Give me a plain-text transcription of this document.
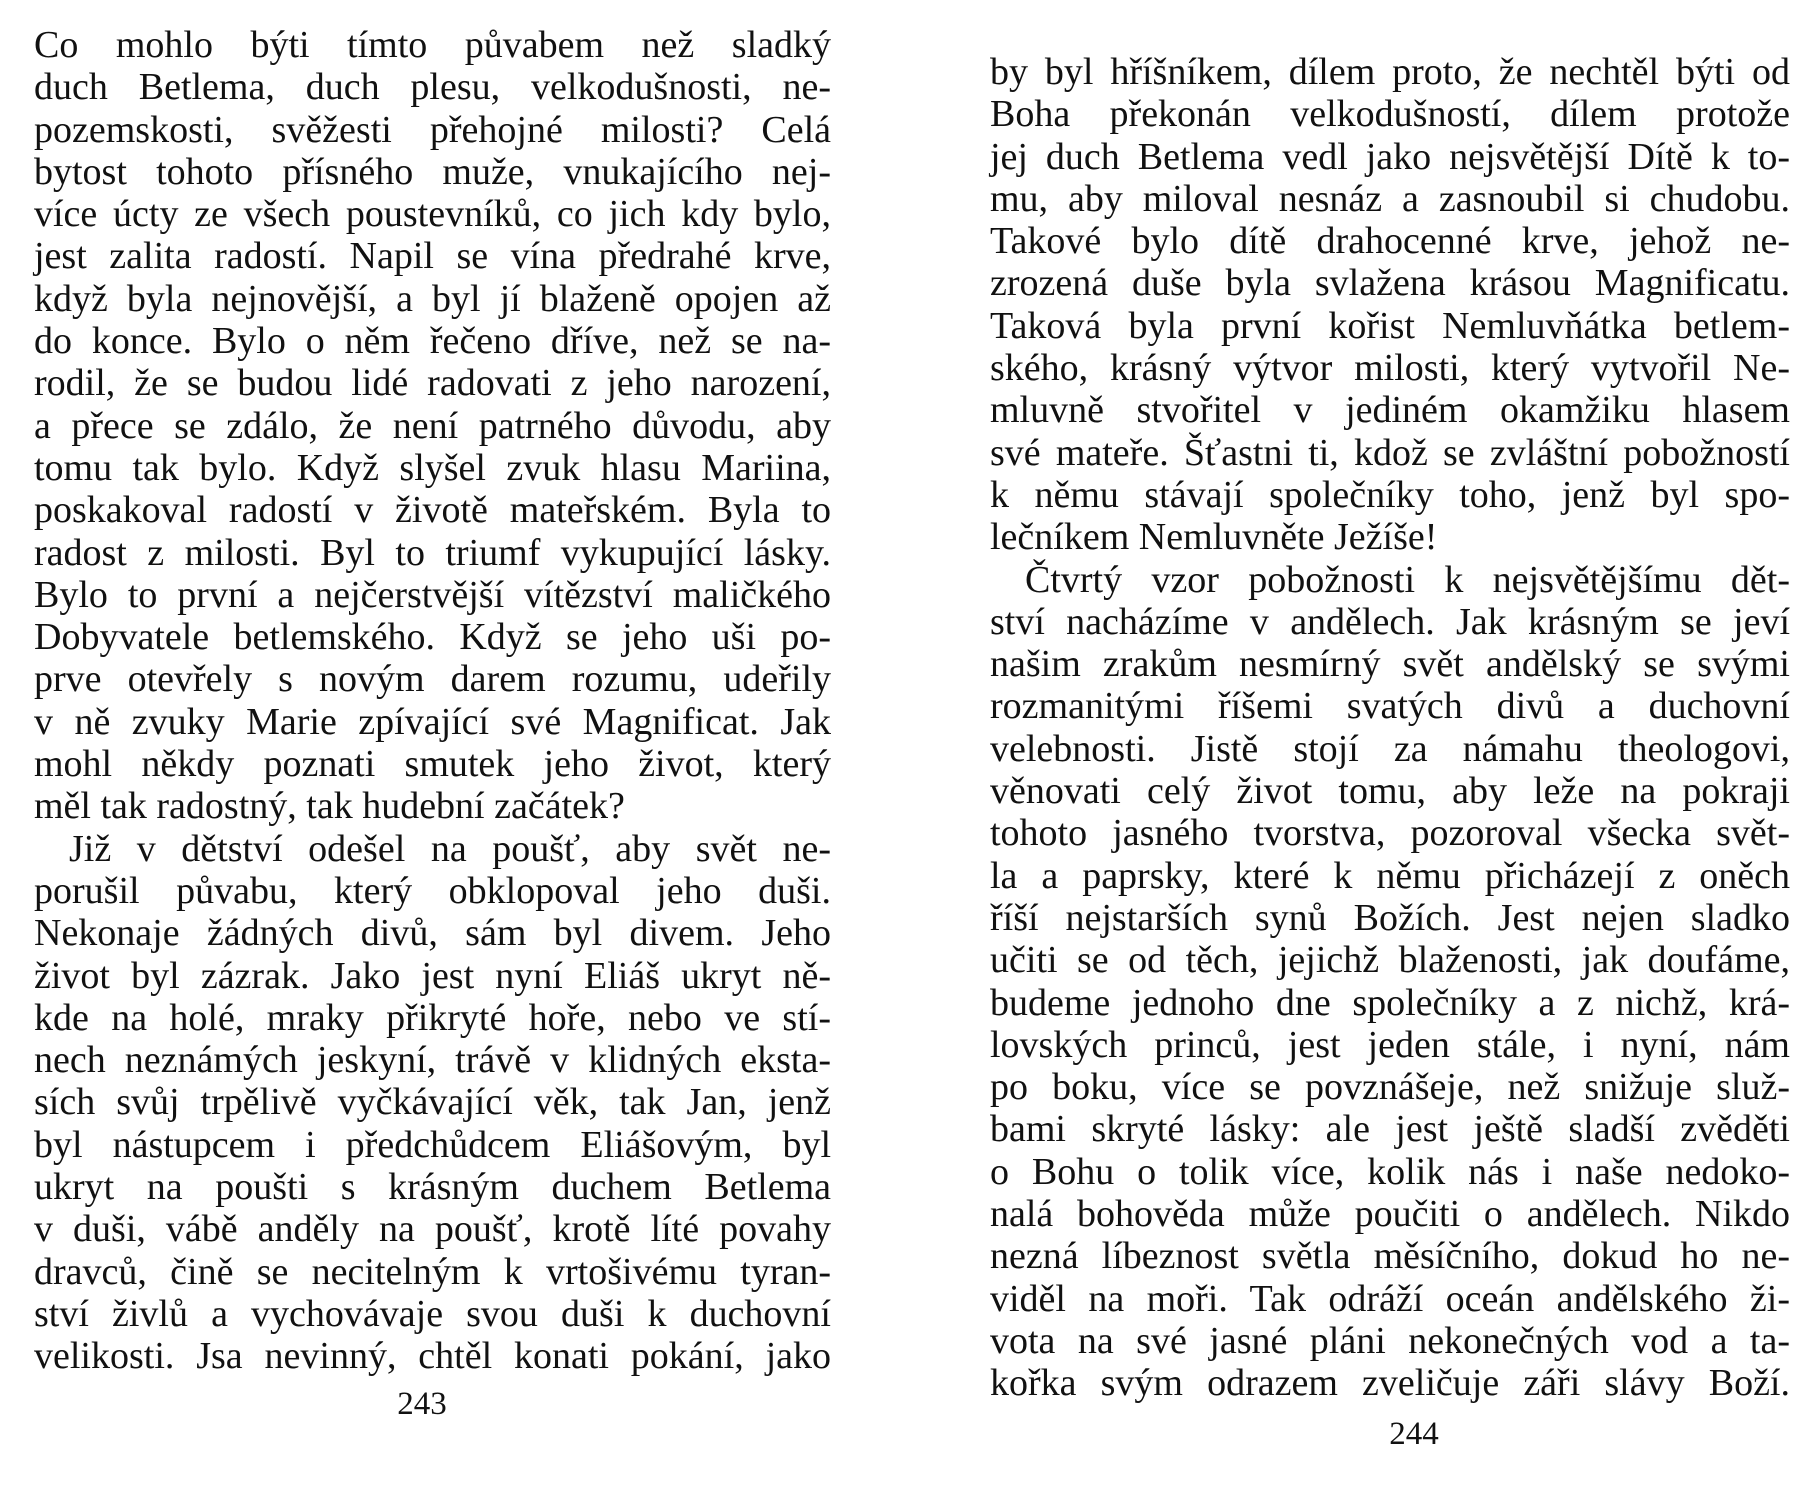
Co mohlo býti tímto půvabem než sladký
duch Betlema, duch plesu, velkodušnosti, ne-
pozemskosti, svěžesti přehojné milosti? Celá
bytost tohoto přísného muže, vnukajícího nej-
více úcty ze všech poustevníků, co jich kdy bylo,
jest zalita radostí. Napil se vína předrahé krve,
když byla nejnovější, a byl jí blaženě opojen až
do konce. Bylo o něm řečeno dříve, než se na-
rodil, že se budou lidé radovati z jeho narození,
a přece se zdálo, že není patrného důvodu, aby
tomu tak bylo. Když slyšel zvuk hlasu Mariina,
poskakoval radostí v životě mateřském. Byla to
radost z milosti. Byl to triumf vykupující lásky.
Bylo to první a nejčerstvější vítězství maličkého
Dobyvatele betlemského. Když se jeho uši po-
prve otevřely s novým darem rozumu, udeřily
v ně zvuky Marie zpívající své Magnificat. Jak
mohl někdy poznati smutek jeho život, který
měl tak radostný, tak hudební začátek?
Již v dětství odešel na poušť, aby svět ne-
porušil půvabu, který obklopoval jeho duši.
Nekonaje žádných divů, sám byl divem. Jeho
život byl zázrak. Jako jest nyní Eliáš ukryt ně-
kde na holé, mraky přikryté hoře, nebo ve stí-
nech neznámých jeskyní, trávě v klidných eksta-
sích svůj trpělivě vyčkávající věk, tak Jan, jenž
byl nástupcem i předchůdcem Eliášovým, byl
ukryt na poušti s krásným duchem Betlema
v duši, vábě anděly na poušť, krotě líté povahy
dravců, čině se necitelným k vrtošivému tyran-
ství živlů a vychovávaje svou duši k duchovní
velikosti. Jsa nevinný, chtěl konati pokání, jako
243
by byl hříšníkem, dílem proto, že nechtěl býti od
Boha překonán velkodušností, dílem protože
jej duch Betlema vedl jako nejsvětější Dítě k to-
mu, aby miloval nesnáz a zasnoubil si chudobu.
Takové bylo dítě drahocenné krve, jehož ne-
zrozená duše byla svlažena krásou Magnificatu.
Taková byla první kořist Nemluvňátka betlem-
ského, krásný výtvor milosti, který vytvořil Ne-
mluvně stvořitel v jediném okamžiku hlasem
své mateře. Šťastni ti, kdož se zvláštní pobožností
k němu stávají společníky toho, jenž byl spo-
lečníkem Nemluvněte Ježíše!
Čtvrtý vzor pobožnosti k nejsvětějšímu dět-
ství nacházíme v andělech. Jak krásným se jeví
našim zrakům nesmírný svět andělský se svými
rozmanitými říšemi svatých divů a duchovní
velebnosti. Jistě stojí za námahu theologovi,
věnovati celý život tomu, aby leže na pokraji
tohoto jasného tvorstva, pozoroval všecka svět-
la a paprsky, které k němu přicházejí z oněch
říší nejstarších synů Božích. Jest nejen sladko
učiti se od těch, jejichž blaženosti, jak doufáme,
budeme jednoho dne společníky a z nichž, krá-
lovských princů, jest jeden stále, i nyní, nám
po boku, více se povznášeje, než snižuje služ-
bami skryté lásky: ale jest ještě sladší zvěděti
o Bohu o tolik více, kolik nás i naše nedoko-
nalá bohověda může poučiti o andělech. Nikdo
nezná líbeznost světla měsíčního, dokud ho ne-
viděl na moři. Tak odráží oceán andělského ži-
vota na své jasné pláni nekonečných vod a ta-
kořka svým odrazem zveličuje záři slávy Boží.
244
